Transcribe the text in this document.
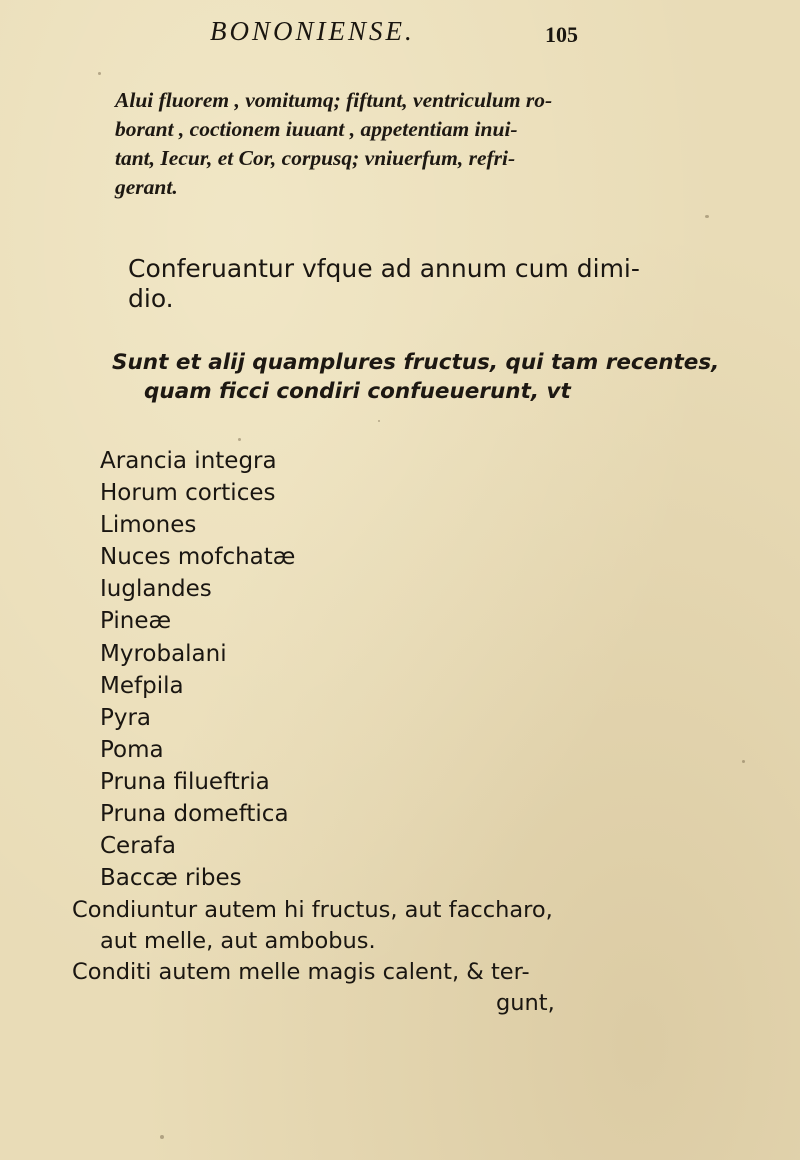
BONONIENSE.	105
Alui fluorem , vomitumq; fiftunt, ventriculum ro-
borant , coctionem iuuant , appetentiam inui-
tant, Iecur, et Cor, corpusq; vniuerfum, refri-
gerant.
Conferuantur vfque ad annum cum dimi-
dio.
Sunt et alij quamplures fructus, qui tam recentes,
quam ficci condiri confueuerunt, vt
Arancia integra
Horum cortices
Limones
Nuces mofchatæ
Iuglandes
Pineæ
Myrobalani
Mefpila
Pyra
Poma
Pruna filueftria
Pruna domeftica
Cerafa
Baccæ ribes
Condiuntur autem hi fructus, aut faccharo,
aut melle, aut ambobus.
Conditi autem melle magis calent, & ter-
gunt,
